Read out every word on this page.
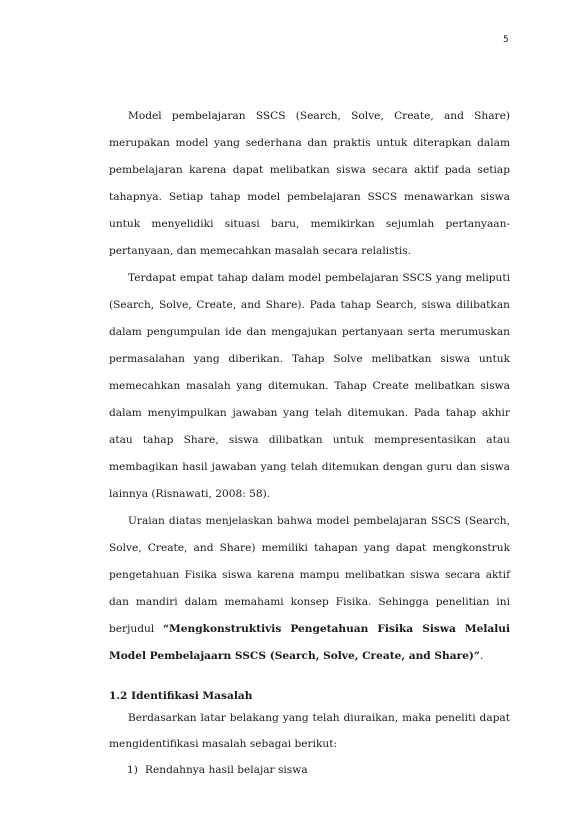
5

Model pembelajaran SSCS (Search, Solve, Create, and Share) merupakan model yang sederhana dan praktis untuk diterapkan dalam pembelajaran karena dapat melibatkan siswa secara aktif pada setiap tahapnya. Setiap tahap model pembelajaran SSCS menawarkan siswa untuk menyelidiki situasi baru, memikirkan sejumlah pertanyaan-pertanyaan, dan memecahkan masalah secara relalistis.

Terdapat empat tahap dalam model pembelajaran SSCS yang meliputi (Search, Solve, Create, and Share). Pada tahap Search, siswa dilibatkan dalam pengumpulan ide dan mengajukan pertanyaan serta merumuskan permasalahan yang diberikan. Tahap Solve melibatkan siswa untuk memecahkan masalah yang ditemukan. Tahap Create melibatkan siswa dalam menyimpulkan jawaban yang telah ditemukan. Pada tahap akhir atau tahap Share, siswa dilibatkan untuk mempresentasikan atau membagikan hasil jawaban yang telah ditemukan dengan guru dan siswa lainnya (Risnawati, 2008: 58).

Uraian diatas menjelaskan bahwa model pembelajaran SSCS (Search, Solve, Create, and Share) memiliki tahapan yang dapat mengkonstruk pengetahuan Fisika siswa karena mampu melibatkan siswa secara aktif dan mandiri dalam memahami konsep Fisika. Sehingga penelitian ini berjudul “Mengkonstruktivis Pengetahuan Fisika Siswa Melalui Model Pembelajaarn SSCS (Search, Solve, Create, and Share)”.

1.2 Identifikasi Masalah

Berdasarkan latar belakang yang telah diuraikan, maka peneliti dapat mengidentifikasi masalah sebagai berikut:

1) Rendahnya hasil belajar siswa
